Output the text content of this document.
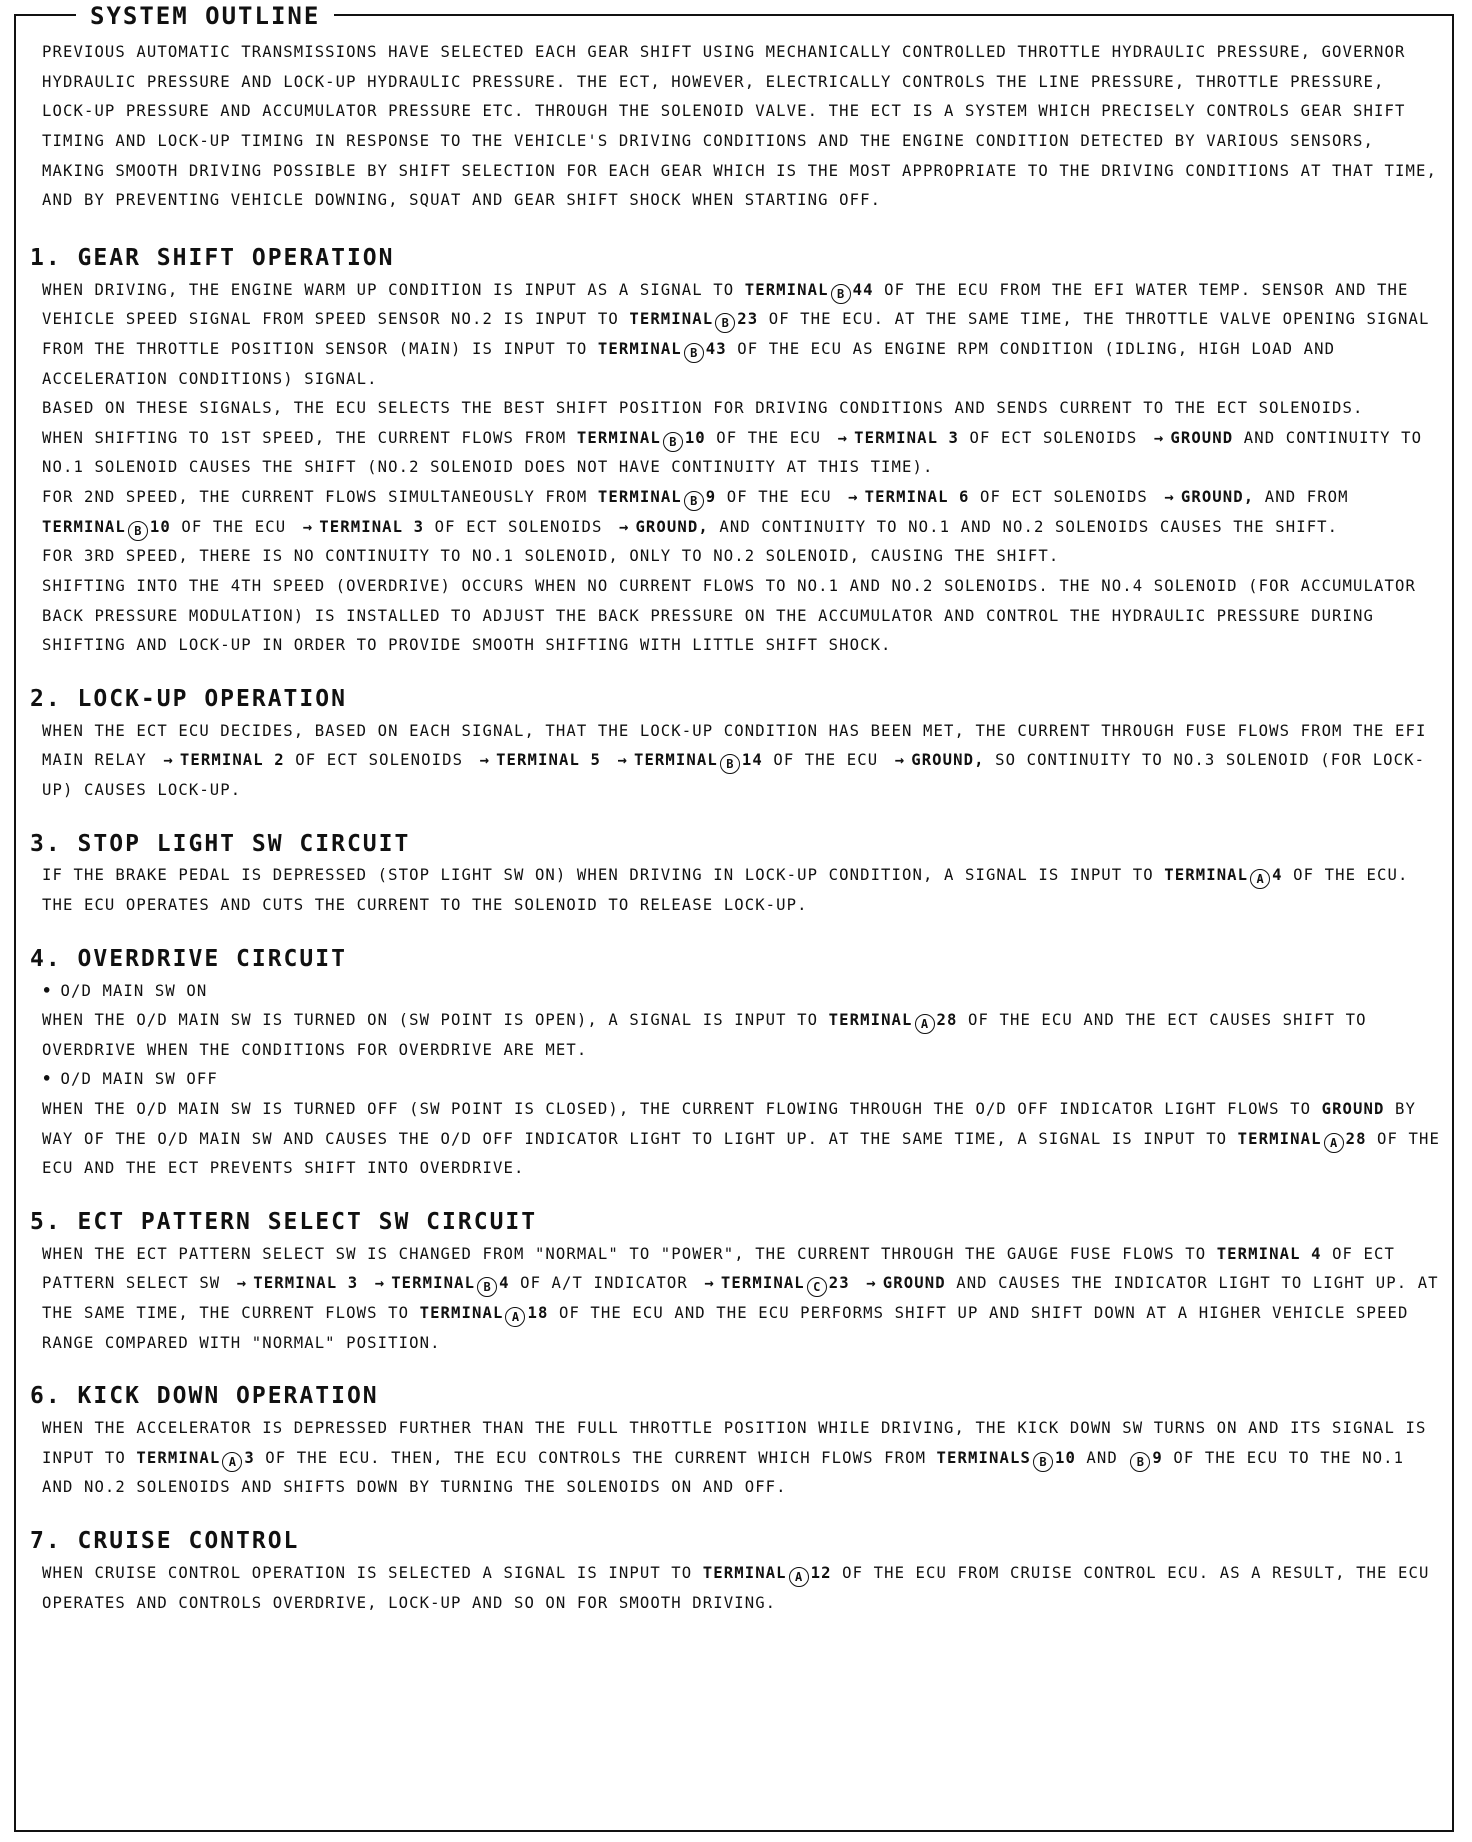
SYSTEM OUTLINE

PREVIOUS AUTOMATIC TRANSMISSIONS HAVE SELECTED EACH GEAR SHIFT USING MECHANICALLY CONTROLLED THROTTLE HYDRAULIC PRESSURE, GOVERNOR HYDRAULIC PRESSURE AND LOCK-UP HYDRAULIC PRESSURE. THE ECT, HOWEVER, ELECTRICALLY CONTROLS THE LINE PRESSURE, THROTTLE PRESSURE, LOCK-UP PRESSURE AND ACCUMULATOR PRESSURE ETC. THROUGH THE SOLENOID VALVE. THE ECT IS A SYSTEM WHICH PRECISELY CONTROLS GEAR SHIFT TIMING AND LOCK-UP TIMING IN RESPONSE TO THE VEHICLE'S DRIVING CONDITIONS AND THE ENGINE CONDITION DETECTED BY VARIOUS SENSORS, MAKING SMOOTH DRIVING POSSIBLE BY SHIFT SELECTION FOR EACH GEAR WHICH IS THE MOST APPROPRIATE TO THE DRIVING CONDITIONS AT THAT TIME, AND BY PREVENTING VEHICLE DOWNING, SQUAT AND GEAR SHIFT SHOCK WHEN STARTING OFF.

1. GEAR SHIFT OPERATION

WHEN DRIVING, THE ENGINE WARM UP CONDITION IS INPUT AS A SIGNAL TO TERMINAL B 44 OF THE ECU FROM THE EFI WATER TEMP. SENSOR AND THE VEHICLE SPEED SIGNAL FROM SPEED SENSOR NO.2 IS INPUT TO TERMINAL B 23 OF THE ECU. AT THE SAME TIME, THE THROTTLE VALVE OPENING SIGNAL FROM THE THROTTLE POSITION SENSOR (MAIN) IS INPUT TO TERMINAL B 43 OF THE ECU AS ENGINE RPM CONDITION (IDLING, HIGH LOAD AND ACCELERATION CONDITIONS) SIGNAL.

BASED ON THESE SIGNALS, THE ECU SELECTS THE BEST SHIFT POSITION FOR DRIVING CONDITIONS AND SENDS CURRENT TO THE ECT SOLENOIDS.

WHEN SHIFTING TO 1ST SPEED, THE CURRENT FLOWS FROM TERMINAL B 10 OF THE ECU → TERMINAL 3 OF ECT SOLENOIDS → GROUND AND CONTINUITY TO NO.1 SOLENOID CAUSES THE SHIFT (NO.2 SOLENOID DOES NOT HAVE CONTINUITY AT THIS TIME).

FOR 2ND SPEED, THE CURRENT FLOWS SIMULTANEOUSLY FROM TERMINAL B 9 OF THE ECU → TERMINAL 6 OF ECT SOLENOIDS → GROUND, AND FROM TERMINAL B 10 OF THE ECU → TERMINAL 3 OF ECT SOLENOIDS → GROUND, AND CONTINUITY TO NO.1 AND NO.2 SOLENOIDS CAUSES THE SHIFT.

FOR 3RD SPEED, THERE IS NO CONTINUITY TO NO.1 SOLENOID, ONLY TO NO.2 SOLENOID, CAUSING THE SHIFT.

SHIFTING INTO THE 4TH SPEED (OVERDRIVE) OCCURS WHEN NO CURRENT FLOWS TO NO.1 AND NO.2 SOLENOIDS. THE NO.4 SOLENOID (FOR ACCUMULATOR BACK PRESSURE MODULATION) IS INSTALLED TO ADJUST THE BACK PRESSURE ON THE ACCUMULATOR AND CONTROL THE HYDRAULIC PRESSURE DURING SHIFTING AND LOCK-UP IN ORDER TO PROVIDE SMOOTH SHIFTING WITH LITTLE SHIFT SHOCK.

2. LOCK-UP OPERATION

WHEN THE ECT ECU DECIDES, BASED ON EACH SIGNAL, THAT THE LOCK-UP CONDITION HAS BEEN MET, THE CURRENT THROUGH FUSE FLOWS FROM THE EFI MAIN RELAY → TERMINAL 2 OF ECT SOLENOIDS → TERMINAL 5 → TERMINAL B 14 OF THE ECU → GROUND, SO CONTINUITY TO NO.3 SOLENOID (FOR LOCK-UP) CAUSES LOCK-UP.

3. STOP LIGHT SW CIRCUIT

IF THE BRAKE PEDAL IS DEPRESSED (STOP LIGHT SW ON) WHEN DRIVING IN LOCK-UP CONDITION, A SIGNAL IS INPUT TO TERMINAL A 4 OF THE ECU. THE ECU OPERATES AND CUTS THE CURRENT TO THE SOLENOID TO RELEASE LOCK-UP.

4. OVERDRIVE CIRCUIT

• O/D MAIN SW ON

WHEN THE O/D MAIN SW IS TURNED ON (SW POINT IS OPEN), A SIGNAL IS INPUT TO TERMINAL A 28 OF THE ECU AND THE ECT CAUSES SHIFT TO OVERDRIVE WHEN THE CONDITIONS FOR OVERDRIVE ARE MET.

• O/D MAIN SW OFF

WHEN THE O/D MAIN SW IS TURNED OFF (SW POINT IS CLOSED), THE CURRENT FLOWING THROUGH THE O/D OFF INDICATOR LIGHT FLOWS TO GROUND BY WAY OF THE O/D MAIN SW AND CAUSES THE O/D OFF INDICATOR LIGHT TO LIGHT UP. AT THE SAME TIME, A SIGNAL IS INPUT TO TERMINAL A 28 OF THE ECU AND THE ECT PREVENTS SHIFT INTO OVERDRIVE.

5. ECT PATTERN SELECT SW CIRCUIT

WHEN THE ECT PATTERN SELECT SW IS CHANGED FROM "NORMAL" TO "POWER", THE CURRENT THROUGH THE GAUGE FUSE FLOWS TO TERMINAL 4 OF ECT PATTERN SELECT SW → TERMINAL 3 → TERMINAL B 4 OF A/T INDICATOR → TERMINAL C 23 → GROUND AND CAUSES THE INDICATOR LIGHT TO LIGHT UP. AT THE SAME TIME, THE CURRENT FLOWS TO TERMINAL A 18 OF THE ECU AND THE ECU PERFORMS SHIFT UP AND SHIFT DOWN AT A HIGHER VEHICLE SPEED RANGE COMPARED WITH "NORMAL" POSITION.

6. KICK DOWN OPERATION

WHEN THE ACCELERATOR IS DEPRESSED FURTHER THAN THE FULL THROTTLE POSITION WHILE DRIVING, THE KICK DOWN SW TURNS ON AND ITS SIGNAL IS INPUT TO TERMINAL A 3 OF THE ECU. THEN, THE ECU CONTROLS THE CURRENT WHICH FLOWS FROM TERMINALS B 10 AND B 9 OF THE ECU TO THE NO.1 AND NO.2 SOLENOIDS AND SHIFTS DOWN BY TURNING THE SOLENOIDS ON AND OFF.

7. CRUISE CONTROL

WHEN CRUISE CONTROL OPERATION IS SELECTED A SIGNAL IS INPUT TO TERMINAL A 12 OF THE ECU FROM CRUISE CONTROL ECU. AS A RESULT, THE ECU OPERATES AND CONTROLS OVERDRIVE, LOCK-UP AND SO ON FOR SMOOTH DRIVING.
